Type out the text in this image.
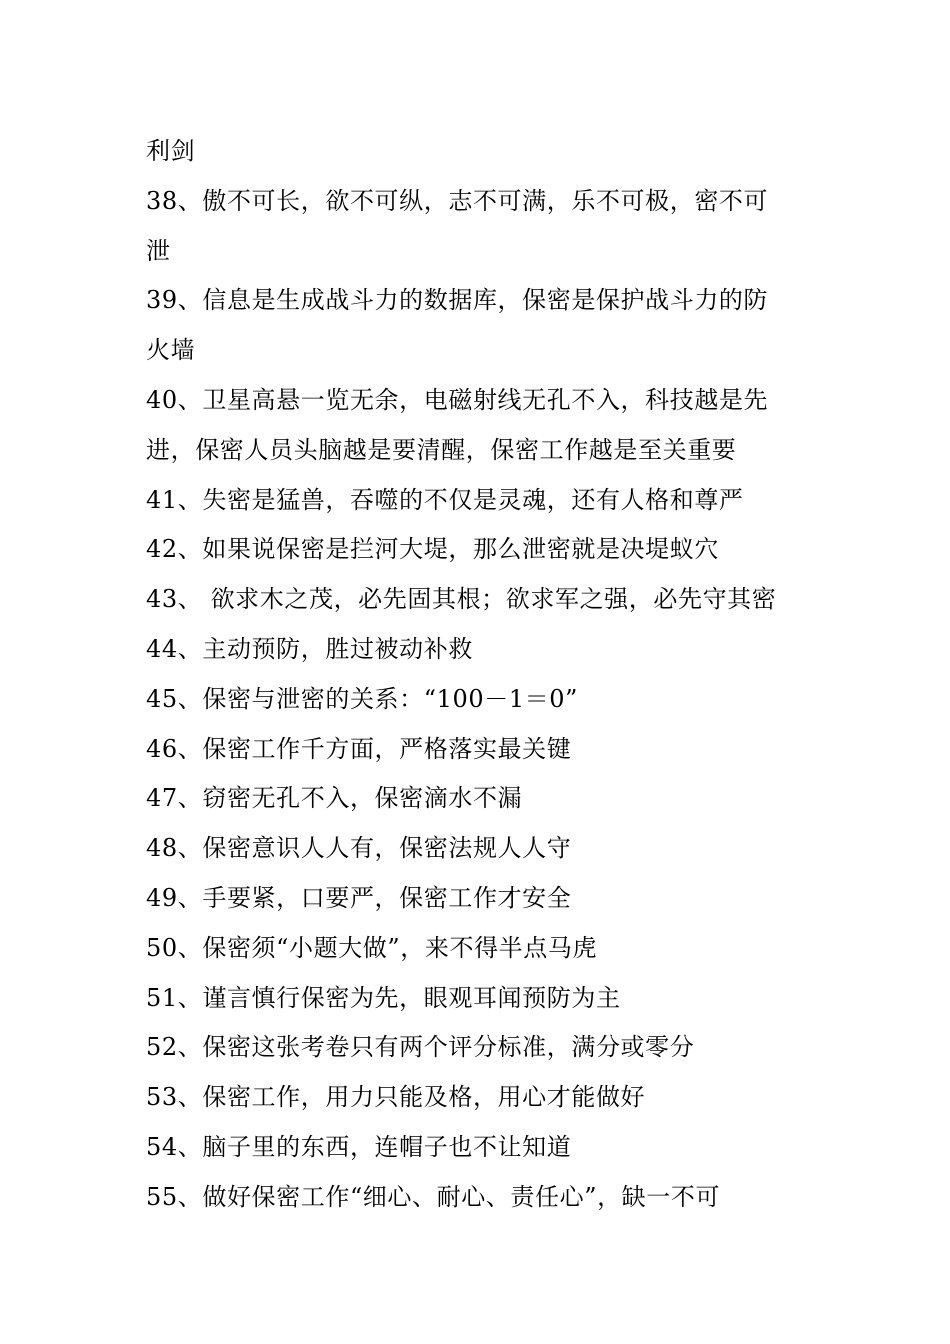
利剑
38、傲不可长，欲不可纵，志不可满，乐不可极，密不可
泄
39、信息是生成战斗力的数据库，保密是保护战斗力的防
火墙
40、卫星高悬一览无余，电磁射线无孔不入，科技越是先
进，保密人员头脑越是要清醒，保密工作越是至关重要
41、失密是猛兽，吞噬的不仅是灵魂，还有人格和尊严
42、如果说保密是拦河大堤，那么泄密就是决堤蚁穴
43、 欲求木之茂，必先固其根；欲求军之强，必先守其密
44、主动预防，胜过被动补救
45、保密与泄密的关系：“100－1＝0”
46、保密工作千方面，严格落实最关键
47、窃密无孔不入，保密滴水不漏
48、保密意识人人有，保密法规人人守
49、手要紧，口要严，保密工作才安全
50、保密须“小题大做”，来不得半点马虎
51、谨言慎行保密为先，眼观耳闻预防为主
52、保密这张考卷只有两个评分标准，满分或零分
53、保密工作，用力只能及格，用心才能做好
54、脑子里的东西，连帽子也不让知道
55、做好保密工作“细心、耐心、责任心”，缺一不可
